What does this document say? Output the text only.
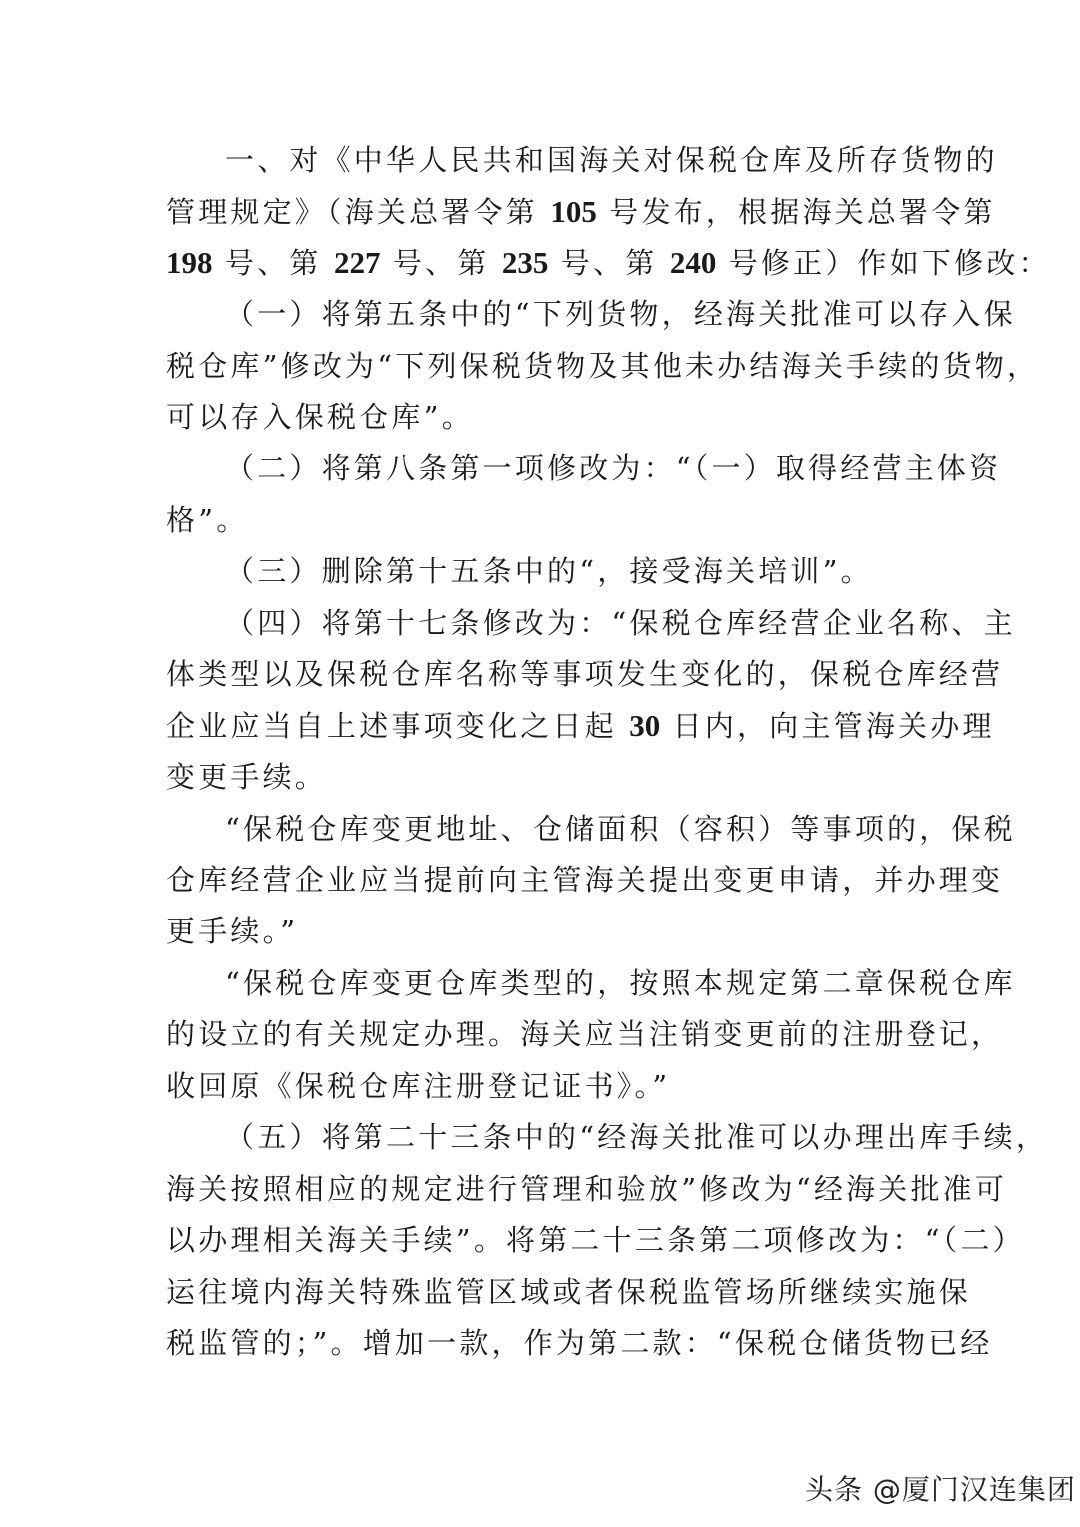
一、对《中华人民共和国海关对保税仓库及所存货物的
管理规定》（海关总署令第 105 号发布，根据海关总署令第
198 号、第 227 号、第 235 号、第 240 号修正）作如下修改：
（一）将第五条中的“下列货物，经海关批准可以存入保
税仓库”修改为“下列保税货物及其他未办结海关手续的货物，
可以存入保税仓库”。
（二）将第八条第一项修改为：“（一）取得经营主体资
格”。
（三）删除第十五条中的“，接受海关培训”。
（四）将第十七条修改为：“保税仓库经营企业名称、主
体类型以及保税仓库名称等事项发生变化的，保税仓库经营
企业应当自上述事项变化之日起 30 日内，向主管海关办理
变更手续。
“保税仓库变更地址、仓储面积（容积）等事项的，保税
仓库经营企业应当提前向主管海关提出变更申请，并办理变
更手续。”
“保税仓库变更仓库类型的，按照本规定第二章保税仓库
的设立的有关规定办理。海关应当注销变更前的注册登记，
收回原《保税仓库注册登记证书》。”
（五）将第二十三条中的“经海关批准可以办理出库手续，
海关按照相应的规定进行管理和验放”修改为“经海关批准可
以办理相关海关手续”。将第二十三条第二项修改为：“（二）
运往境内海关特殊监管区域或者保税监管场所继续实施保
税监管的；”。增加一款，作为第二款：“保税仓储货物已经
头条 @厦门汉连集团
